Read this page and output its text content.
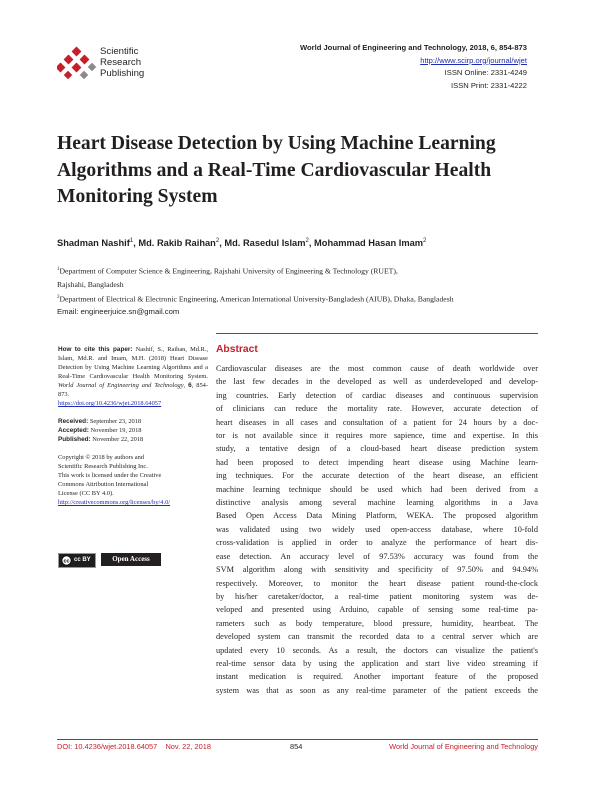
Scientific
Research
Publishing
World Journal of Engineering and Technology, 2018, 6, 854-873
http://www.scirp.org/journal/wjet
ISSN Online: 2331-4249
ISSN Print: 2331-4222
Heart Disease Detection by Using Machine Learning Algorithms and a Real-Time Cardiovascular Health Monitoring System
Shadman Nashif$^1$, Md. Rakib Raihan$^2$, Md. Rasedul Islam$^2$, Mohammad Hasan Imam$^2$
$^1$Department of Computer Science & Engineering, Rajshahi University of Engineering & Technology (RUET),
Rajshahi, Bangladesh
$^2$Department of Electrical & Electronic Engineering, American International University-Bangladesh (AIUB), Dhaka, Bangladesh
Email: engineerjuice.sn@gmail.com

How to cite this paper: Nashif, S., Raihan, Md.R., Islam, Md.R. and Imam, M.H. (2018) Heart Disease Detection by Using Machine Learning Algorithms and a Real-Time Cardiovascular Health Monitoring System. World Journal of Engineering and Technology, 6, 854-873.
https://doi.org/10.4236/wjet.2018.64057

Received: September 23, 2018
Accepted: November 19, 2018
Published: November 22, 2018

Copyright © 2018 by authors and
Scientific Research Publishing Inc.
This work is licensed under the Creative
Commons Attribution International
License (CC BY 4.0).
http://creativecommons.org/licenses/by/4.0/

cc cc BY	Open Access
Abstract
Cardiovascular diseases are the most common cause of death worldwide over
the last few decades in the developed as well as underdeveloped and develop-
ing countries. Early detection of cardiac diseases and continuous supervision
of clinicians can reduce the mortality rate. However, accurate detection of
heart diseases in all cases and consultation of a patient for 24 hours by a doc-
tor is not available since it requires more sapience, time and expertise. In this
study, a tentative design of a cloud-based heart disease prediction system
had been proposed to detect impending heart disease using Machine learn-
ing techniques. For the accurate detection of the heart disease, an efficient
machine learning technique should be used which had been derived from a
distinctive analysis among several machine learning algorithms in a Java
Based Open Access Data Mining Platform, WEKA. The proposed algorithm
was validated using two widely used open-access database, where 10-fold
cross-validation is applied in order to analyze the performance of heart dis-
ease detection. An accuracy level of 97.53% accuracy was found from the
SVM algorithm along with sensitivity and specificity of 97.50% and 94.94%
respectively. Moreover, to monitor the heart disease patient round-the-clock
by his/her caretaker/doctor, a real-time patient monitoring system was de-
veloped and presented using Arduino, capable of sensing some real-time pa-
rameters such as body temperature, blood pressure, humidity, heartbeat. The
developed system can transmit the recorded data to a central server which are
updated every 10 seconds. As a result, the doctors can visualize the patient's
real-time sensor data by using the application and start live video streaming if
instant medication is required. Another important feature of the proposed
system was that as soon as any real-time parameter of the patient exceeds the
DOI: 10.4236/wjet.2018.64057    Nov. 22, 2018	854	World Journal of Engineering and Technology
